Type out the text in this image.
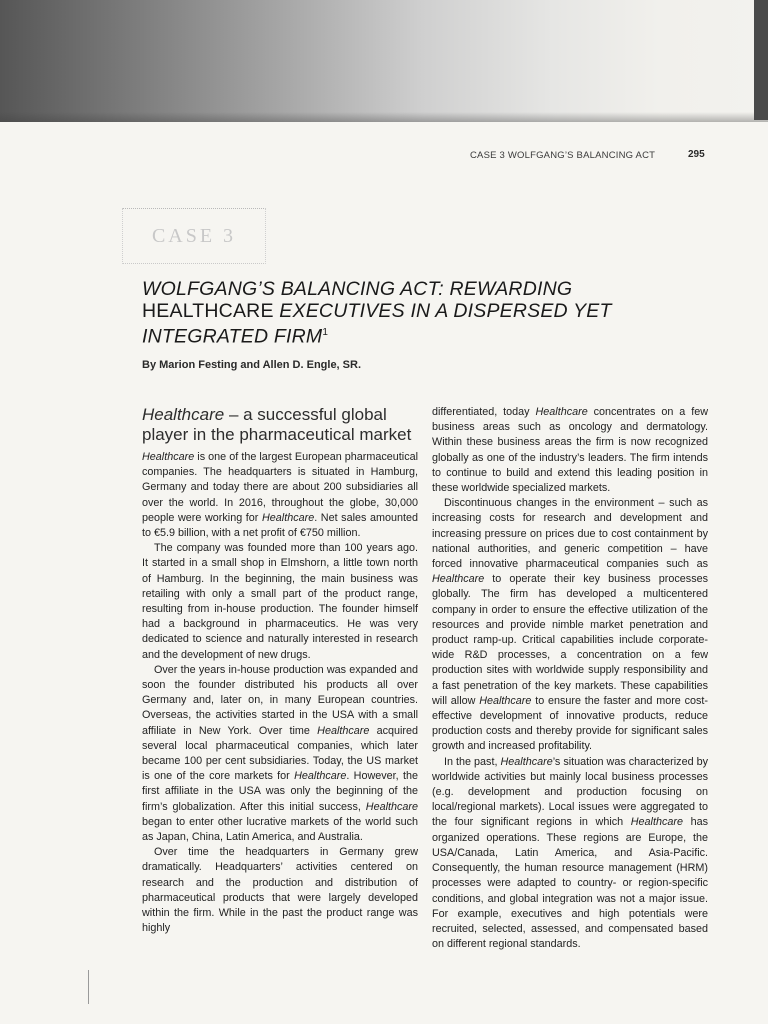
CASE 3 WOLFGANG’S BALANCING ACT	295
CASE 3
WOLFGANG’S BALANCING ACT: REWARDING
HEALTHCARE EXECUTIVES IN A DISPERSED YET
INTEGRATED FIRM$^1$
By Marion Festing and Allen D. Engle, SR.
Healthcare – a successful global player in the pharmaceutical market

Healthcare is one of the largest European pharmaceutical companies. The headquarters is situated in Hamburg, Germany and today there are about 200 subsidiaries all over the world. In 2016, throughout the globe, 30,000 people were working for Healthcare. Net sales amounted to €5.9 billion, with a net profit of €750 million.

The company was founded more than 100 years ago. It started in a small shop in Elmshorn, a little town north of Hamburg. In the beginning, the main business was retailing with only a small part of the product range, resulting from in-house production. The founder himself had a background in pharmaceutics. He was very dedicated to science and naturally interested in research and the development of new drugs.

Over the years in-house production was expanded and soon the founder distributed his products all over Germany and, later on, in many European countries. Overseas, the activities started in the USA with a small affiliate in New York. Over time Healthcare acquired several local pharmaceutical companies, which later became 100 per cent subsidiaries. Today, the US market is one of the core markets for Healthcare. However, the first affiliate in the USA was only the beginning of the firm’s globalization. After this initial success, Healthcare began to enter other lucrative markets of the world such as Japan, China, Latin America, and Australia.

Over time the headquarters in Germany grew dramatically. Headquarters’ activities centered on research and the production and distribution of pharmaceutical products that were largely developed within the firm. While in the past the product range was highly

differentiated, today Healthcare concentrates on a few business areas such as oncology and dermatology. Within these business areas the firm is now recognized globally as one of the industry’s leaders. The firm intends to continue to build and extend this leading position in these worldwide specialized markets.

Discontinuous changes in the environment – such as increasing costs for research and development and increasing pressure on prices due to cost containment by national authorities, and generic competition – have forced innovative pharmaceutical companies such as Healthcare to operate their key business processes globally. The firm has developed a multicentered company in order to ensure the effective utilization of the resources and provide nimble market penetration and product ramp-up. Critical capabilities include corporate-wide R&D processes, a concentration on a few production sites with worldwide supply responsibility and a fast penetration of the key markets. These capabilities will allow Healthcare to ensure the faster and more cost-effective development of innovative products, reduce production costs and thereby provide for significant sales growth and increased profitability.

In the past, Healthcare’s situation was characterized by worldwide activities but mainly local business processes (e.g. development and production focusing on local/regional markets). Local issues were aggregated to the four significant regions in which Healthcare has organized operations. These regions are Europe, the USA/Canada, Latin America, and Asia-Pacific. Consequently, the human resource management (HRM) processes were adapted to country- or region-specific conditions, and global integration was not a major issue. For example, executives and high potentials were recruited, selected, assessed, and compensated based on different regional standards.
